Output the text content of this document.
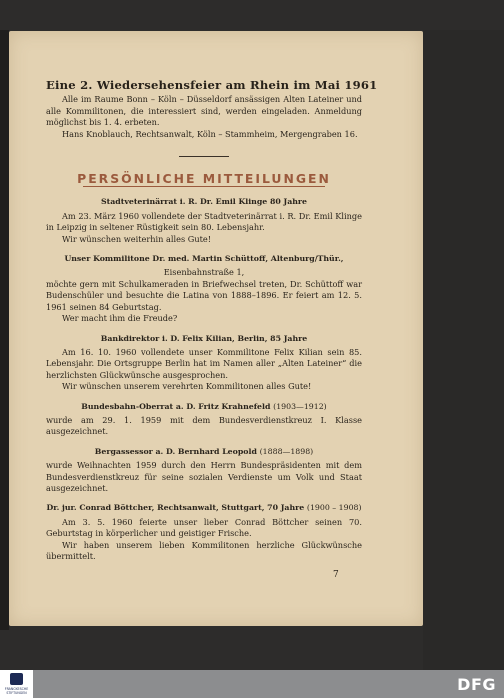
Eine 2. Wiedersehensfeier am Rhein im Mai 1961

Alle im Raume Bonn – Köln – Düsseldorf ansässigen Alten Lateiner und alle Kommilitonen, die interessiert sind, werden eingeladen. Anmeldung möglichst bis 1. 4. erbeten.

Hans Knoblauch, Rechtsanwalt, Köln – Stammheim, Mergengraben 16.

PERSÖNLICHE MITTEILUNGEN

Stadtveterinärrat i. R. Dr. Emil Klinge 80 Jahre

Am 23. März 1960 vollendete der Stadtveterinärrat i. R. Dr. Emil Klinge in Leipzig in seltener Rüstigkeit sein 80. Lebensjahr.

Wir wünschen weiterhin alles Gute!

Unser Kommilitone Dr. med. Martin Schüttoff, Altenburg/Thür.,

Eisenbahnstraße 1,

möchte gern mit Schulkameraden in Briefwechsel treten, Dr. Schüttoff war Budenschüler und besuchte die Latina von 1888–1896. Er feiert am 12. 5. 1961 seinen 84 Geburtstag.

Wer macht ihm die Freude?

Bankdirektor i. D. Felix Kilian, Berlin, 85 Jahre

Am 16. 10. 1960 vollendete unser Kommilitone Felix Kilian sein 85. Lebensjahr. Die Ortsgruppe Berlin hat im Namen aller „Alten Lateiner“ die herzlichsten Glückwünsche ausgesprochen.

Wir wünschen unserem verehrten Kommilitonen alles Gute!

Bundesbahn-Oberrat a. D. Fritz Krahnefeld (1903—1912)

wurde am 29. 1. 1959 mit dem Bundesverdienstkreuz I. Klasse ausgezeichnet.

Bergassessor a. D. Bernhard Leopold (1888—1898)

wurde Weihnachten 1959 durch den Herrn Bundespräsidenten mit dem Bundesverdienstkreuz für seine sozialen Verdienste um Volk und Staat ausgezeichnet.

Dr. jur. Conrad Böttcher, Rechtsanwalt, Stuttgart, 70 Jahre (1900 – 1908)

Am 3. 5. 1960 feierte unser lieber Conrad Böttcher seinen 70. Geburtstag in körperlicher und geistiger Frische.

Wir haben unserem lieben Kommilitonen herzliche Glückwünsche übermittelt.

7
FRANCKESCHE STIFTUNGEN	DFG
